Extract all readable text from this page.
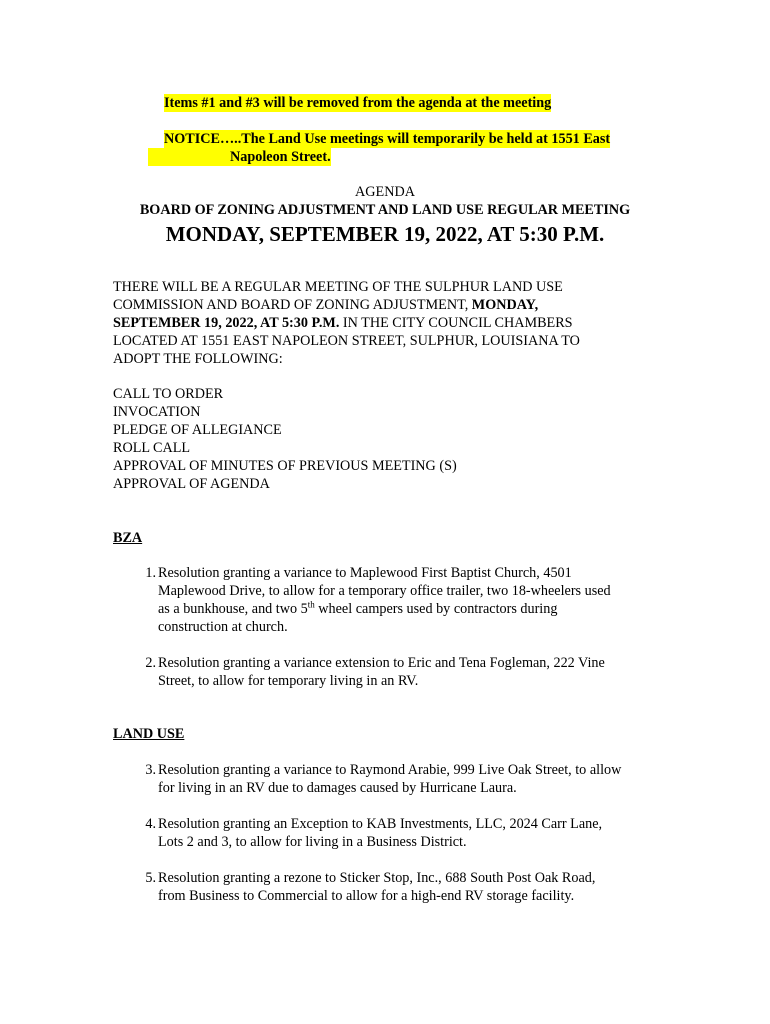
Items #1 and #3 will be removed from the agenda at the meeting
NOTICE…..The Land Use meetings will temporarily be held at 1551 East
Napoleon Street.
AGENDA
BOARD OF ZONING ADJUSTMENT AND LAND USE REGULAR MEETING
MONDAY, SEPTEMBER 19, 2022, AT 5:30 P.M.
THERE WILL BE A REGULAR MEETING OF THE SULPHUR LAND USE
COMMISSION AND BOARD OF ZONING ADJUSTMENT, MONDAY,
SEPTEMBER 19, 2022, AT 5:30 P.M. IN THE CITY COUNCIL CHAMBERS
LOCATED AT 1551 EAST NAPOLEON STREET, SULPHUR, LOUISIANA TO
ADOPT THE FOLLOWING:
CALL TO ORDER
INVOCATION
PLEDGE OF ALLEGIANCE
ROLL CALL
APPROVAL OF MINUTES OF PREVIOUS MEETING (S)
APPROVAL OF AGENDA
BZA
1. Resolution granting a variance to Maplewood First Baptist Church, 4501
Maplewood Drive, to allow for a temporary office trailer, two 18-wheelers used
as a bunkhouse, and two 5th wheel campers used by contractors during
construction at church.
2. Resolution granting a variance extension to Eric and Tena Fogleman, 222 Vine
Street, to allow for temporary living in an RV.
LAND USE
3. Resolution granting a variance to Raymond Arabie, 999 Live Oak Street, to allow
for living in an RV due to damages caused by Hurricane Laura.
4. Resolution granting an Exception to KAB Investments, LLC, 2024 Carr Lane,
Lots 2 and 3, to allow for living in a Business District.
5. Resolution granting a rezone to Sticker Stop, Inc., 688 South Post Oak Road,
from Business to Commercial to allow for a high-end RV storage facility.
